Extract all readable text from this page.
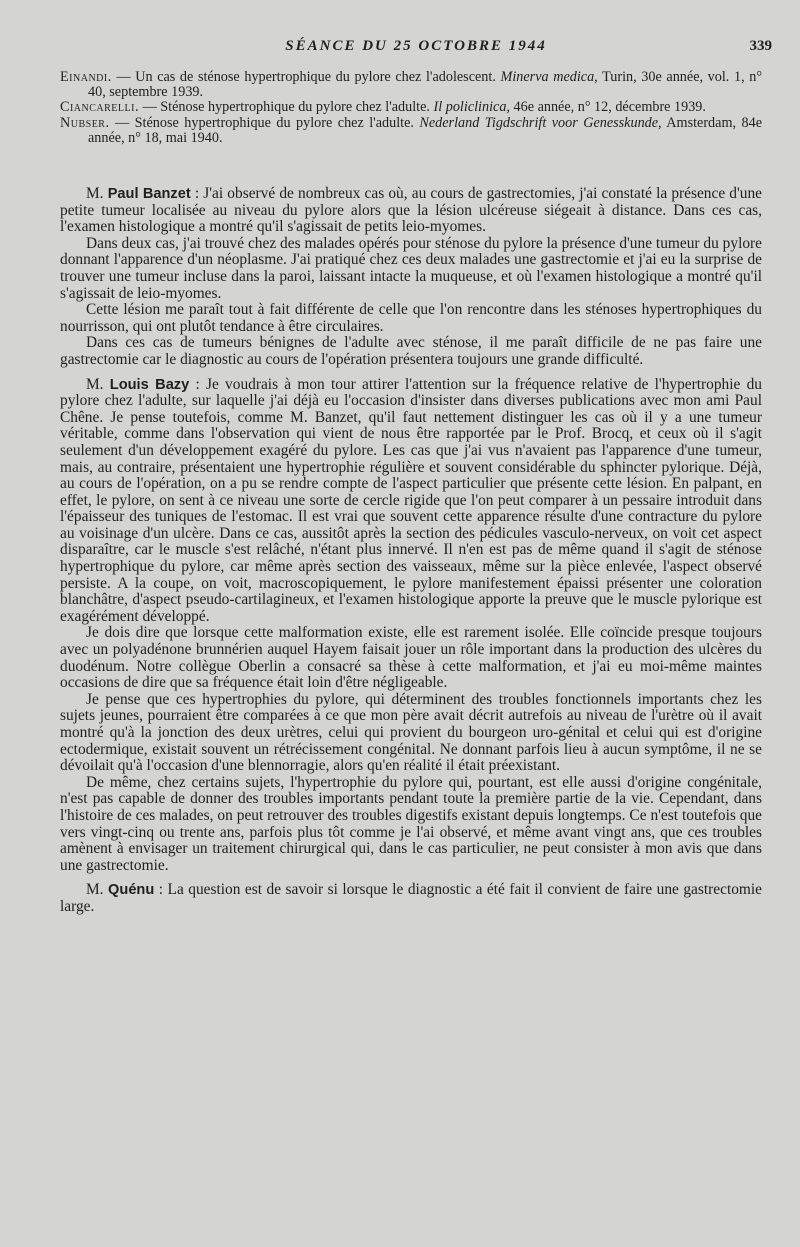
SÉANCE DU 25 OCTOBRE 1944	339

Einandi. — Un cas de sténose hypertrophique du pylore chez l'adolescent. Minerva medica, Turin, 30e année, vol. 1, n° 40, septembre 1939.

Ciancarelli. — Sténose hypertrophique du pylore chez l'adulte. Il policlinica, 46e année, n° 12, décembre 1939.

Nubser. — Sténose hypertrophique du pylore chez l'adulte. Nederland Tigdschrift voor Genesskunde, Amsterdam, 84e année, n° 18, mai 1940.

M. Paul Banzet : J'ai observé de nombreux cas où, au cours de gastrectomies, j'ai constaté la présence d'une petite tumeur localisée au niveau du pylore alors que la lésion ulcéreuse siégeait à distance. Dans ces cas, l'examen histologique a montré qu'il s'agissait de petits leio-myomes.

Dans deux cas, j'ai trouvé chez des malades opérés pour sténose du pylore la présence d'une tumeur du pylore donnant l'apparence d'un néoplasme. J'ai pratiqué chez ces deux malades une gastrectomie et j'ai eu la surprise de trouver une tumeur incluse dans la paroi, laissant intacte la muqueuse, et où l'examen histologique a montré qu'il s'agissait de leio-myomes.

Cette lésion me paraît tout à fait différente de celle que l'on rencontre dans les sténoses hypertrophiques du nourrisson, qui ont plutôt tendance à être circulaires.

Dans ces cas de tumeurs bénignes de l'adulte avec sténose, il me paraît difficile de ne pas faire une gastrectomie car le diagnostic au cours de l'opération présentera toujours une grande difficulté.

M. Louis Bazy : Je voudrais à mon tour attirer l'attention sur la fréquence relative de l'hypertrophie du pylore chez l'adulte, sur laquelle j'ai déjà eu l'occasion d'insister dans diverses publications avec mon ami Paul Chêne. Je pense toutefois, comme M. Banzet, qu'il faut nettement distinguer les cas où il y a une tumeur véritable, comme dans l'observation qui vient de nous être rapportée par le Prof. Brocq, et ceux où il s'agit seulement d'un développement exagéré du pylore. Les cas que j'ai vus n'avaient pas l'apparence d'une tumeur, mais, au contraire, présentaient une hypertrophie régulière et souvent considérable du sphincter pylorique. Déjà, au cours de l'opération, on a pu se rendre compte de l'aspect particulier que présente cette lésion. En palpant, en effet, le pylore, on sent à ce niveau une sorte de cercle rigide que l'on peut comparer à un pessaire introduit dans l'épaisseur des tuniques de l'estomac. Il est vrai que souvent cette apparence résulte d'une contracture du pylore au voisinage d'un ulcère. Dans ce cas, aussitôt après la section des pédicules vasculo-nerveux, on voit cet aspect disparaître, car le muscle s'est relâché, n'étant plus innervé. Il n'en est pas de même quand il s'agit de sténose hypertrophique du pylore, car même après section des vaisseaux, même sur la pièce enlevée, l'aspect observé persiste. A la coupe, on voit, macroscopiquement, le pylore manifestement épaissi présenter une coloration blanchâtre, d'aspect pseudo-cartilagineux, et l'examen histologique apporte la preuve que le muscle pylorique est exagérément développé.

Je dois dire que lorsque cette malformation existe, elle est rarement isolée. Elle coïncide presque toujours avec un polyadénone brunnérien auquel Hayem faisait jouer un rôle important dans la production des ulcères du duodénum. Notre collègue Oberlin a consacré sa thèse à cette malformation, et j'ai eu moi-même maintes occasions de dire que sa fréquence était loin d'être négligeable.

Je pense que ces hypertrophies du pylore, qui déterminent des troubles fonctionnels importants chez les sujets jeunes, pourraient être comparées à ce que mon père avait décrit autrefois au niveau de l'urètre où il avait montré qu'à la jonction des deux urètres, celui qui provient du bourgeon uro-génital et celui qui est d'origine ectodermique, existait souvent un rétrécissement congénital. Ne donnant parfois lieu à aucun symptôme, il ne se dévoilait qu'à l'occasion d'une blennorragie, alors qu'en réalité il était préexistant.

De même, chez certains sujets, l'hypertrophie du pylore qui, pourtant, est elle aussi d'origine congénitale, n'est pas capable de donner des troubles importants pendant toute la première partie de la vie. Cependant, dans l'histoire de ces malades, on peut retrouver des troubles digestifs existant depuis longtemps. Ce n'est toutefois que vers vingt-cinq ou trente ans, parfois plus tôt comme je l'ai observé, et même avant vingt ans, que ces troubles amènent à envisager un traitement chirurgical qui, dans le cas particulier, ne peut consister à mon avis que dans une gastrectomie.

M. Quénu : La question est de savoir si lorsque le diagnostic a été fait il convient de faire une gastrectomie large.
